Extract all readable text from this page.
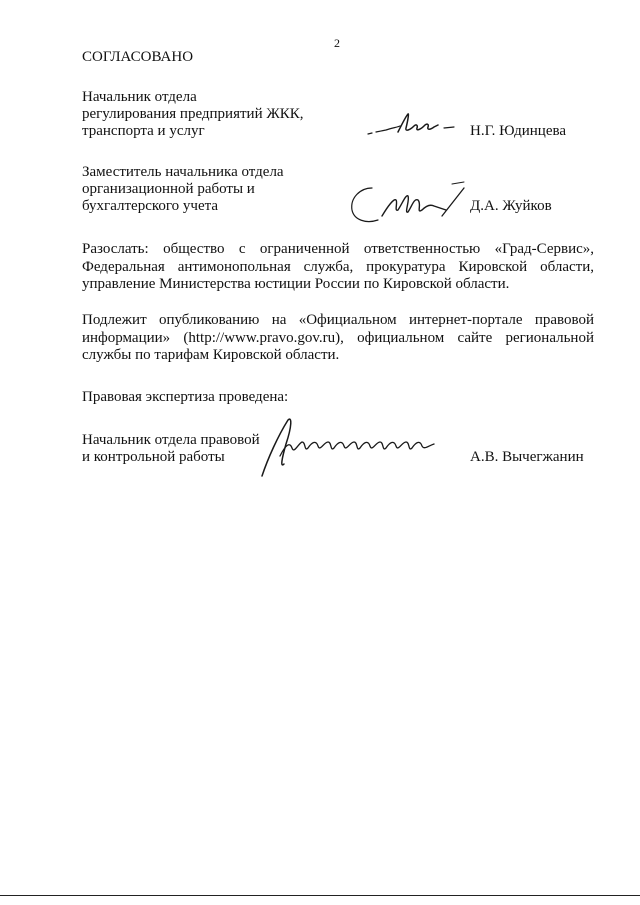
2
СОГЛАСОВАНО
Начальник отдела
регулирования предприятий ЖКК,
транспорта и услуг	Н.Г. Юдинцева
Заместитель начальника отдела
организационной работы и
бухгалтерского учета	Д.А. Жуйков
Разослать: общество с ограниченной ответственностью «Град-Сервис», Федеральная антимонопольная служба, прокуратура Кировской области, управление Министерства юстиции России по Кировской области.
Подлежит опубликованию на «Официальном интернет-портале правовой информации» (http://www.pravo.gov.ru), официальном сайте региональной службы по тарифам Кировской области.
Правовая экспертиза проведена:
Начальник отдела правовой
и контрольной работы	А.В. Вычегжанин
